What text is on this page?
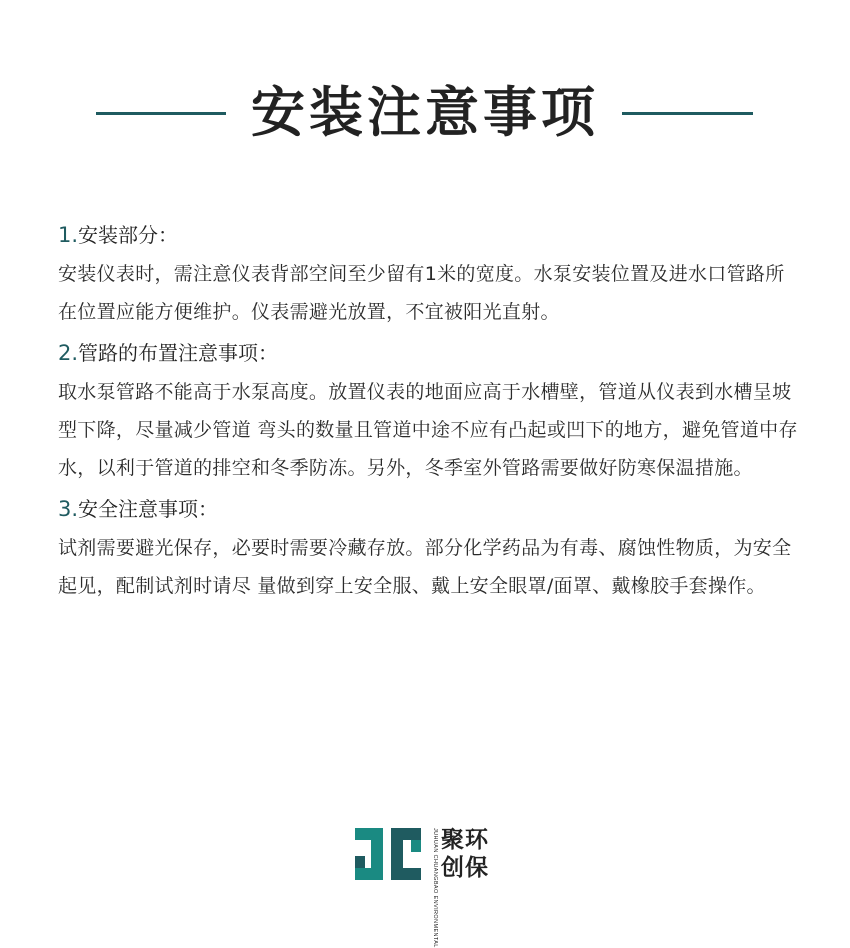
安装注意事项

1.安装部分：

安装仪表时，需注意仪表背部空间至少留有1米的宽度。水泵安装位置及进水口管路所在位置应能方便维护。仪表需避光放置，不宜被阳光直射。

2.管路的布置注意事项：

取水泵管路不能高于水泵高度。放置仪表的地面应高于水槽壁，管道从仪表到水槽呈坡型下降，尽量减少管道 弯头的数量且管道中途不应有凸起或凹下的地方，避免管道中存水，以利于管道的排空和冬季防冻。另外，冬季室外管路需要做好防寒保温措施。

3.安全注意事项：

试剂需要避光保存，必要时需要冷藏存放。部分化学药品为有毒、腐蚀性物质，为安全起见，配制试剂时请尽 量做到穿上安全服、戴上安全眼罩/面罩、戴橡胶手套操作。

JUHUAN CHUANGBAO ENVIRONMENTAL 聚环创保
